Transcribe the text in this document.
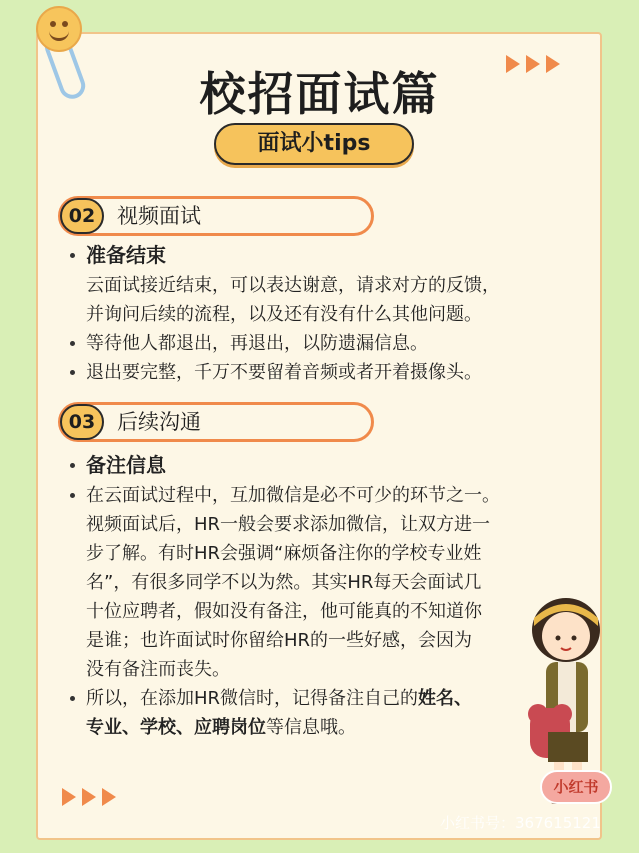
校招面试篇
面试小tips
02	视频面试
准备结束
云面试接近结束，可以表达谢意，请求对方的反馈，
并询问后续的流程，以及还有没有什么其他问题。
等待他人都退出，再退出，以防遗漏信息。
退出要完整，千万不要留着音频或者开着摄像头。
03	后续沟通
备注信息
在云面试过程中，互加微信是必不可少的环节之一。
视频面试后，HR一般会要求添加微信，让双方进一
步了解。有时HR会强调“麻烦备注你的学校专业姓
名”，有很多同学不以为然。其实HR每天会面试几
十位应聘者，假如没有备注，他可能真的不知道你
是谁；也许面试时你留给HR的一些好感，会因为
没有备注而丧失。
所以，在添加HR微信时，记得备注自己的姓名、
专业、学校、应聘岗位等信息哦。
小红书
小红书号：367615121
